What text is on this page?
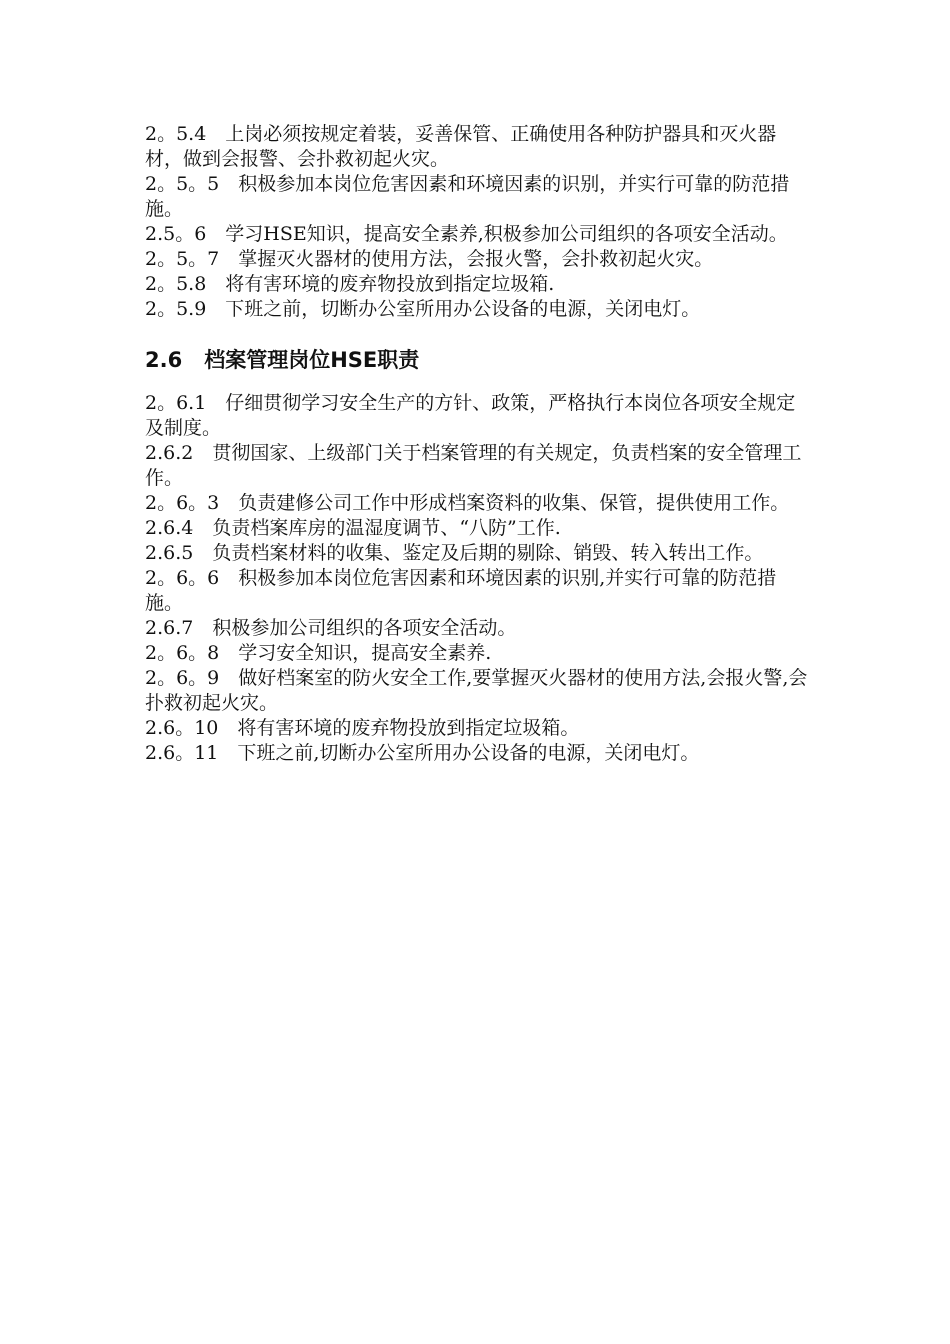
2。5.4　上岗必须按规定着装，妥善保管、正确使用各种防护器具和灭火器材，做到会报警、会扑救初起火灾。

2。5。5　积极参加本岗位危害因素和环境因素的识别，并实行可靠的防范措施。

2.5。6　学习HSE知识，提高安全素养,积极参加公司组织的各项安全活动。

2。5。7　掌握灭火器材的使用方法，会报火警，会扑救初起火灾。

2。5.8　将有害环境的废弃物投放到指定垃圾箱.

2。5.9　下班之前，切断办公室所用办公设备的电源，关闭电灯。

2.6 档案管理岗位HSE职责

2。6.1　仔细贯彻学习安全生产的方针、政策，严格执行本岗位各项安全规定及制度。

2.6.2　贯彻国家、上级部门关于档案管理的有关规定，负责档案的安全管理工作。

2。6。3　负责建修公司工作中形成档案资料的收集、保管，提供使用工作。

2.6.4　负责档案库房的温湿度调节、“八防”工作.

2.6.5　负责档案材料的收集、鉴定及后期的剔除、销毁、转入转出工作。

2。6。6　积极参加本岗位危害因素和环境因素的识别,并实行可靠的防范措施。

2.6.7　积极参加公司组织的各项安全活动。

2。6。8　学习安全知识，提高安全素养.

2。6。9　做好档案室的防火安全工作,要掌握灭火器材的使用方法,会报火警,会扑救初起火灾。

2.6。10　将有害环境的废弃物投放到指定垃圾箱。

2.6。11　下班之前,切断办公室所用办公设备的电源，关闭电灯。
